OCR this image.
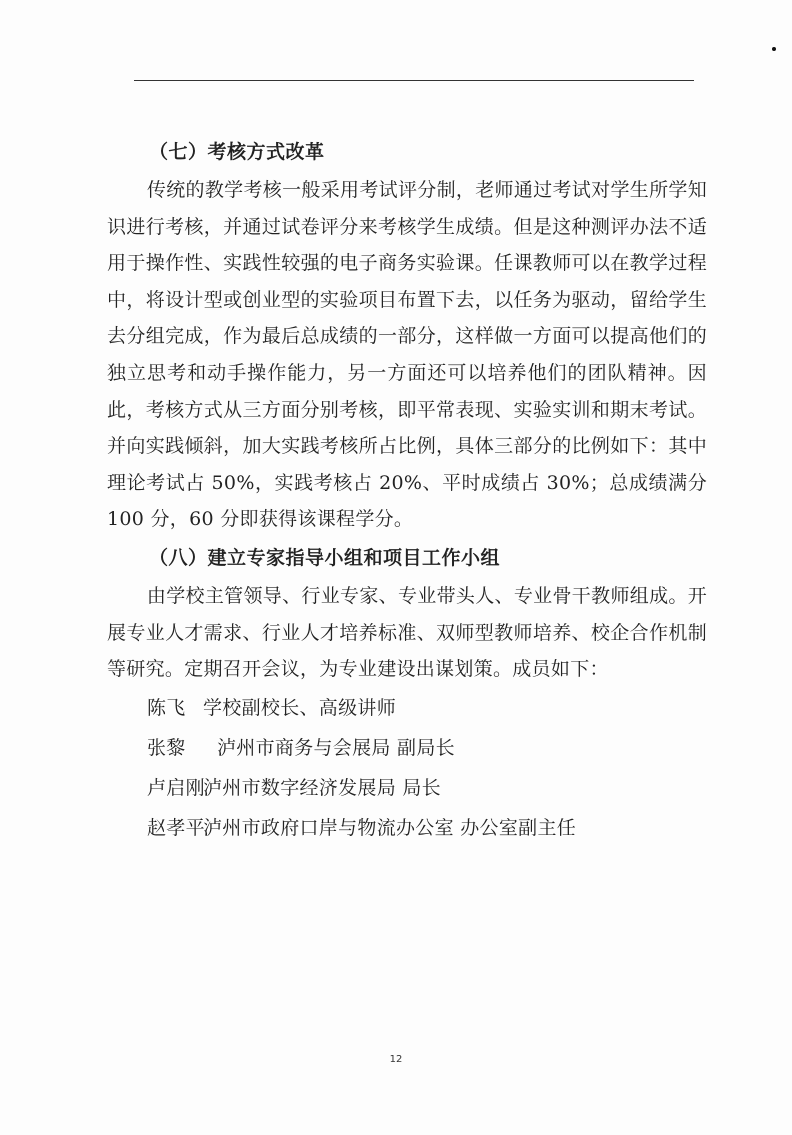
（七）考核方式改革

传统的教学考核一般采用考试评分制，老师通过考试对学生所学知识进行考核，并通过试卷评分来考核学生成绩。但是这种测评办法不适用于操作性、实践性较强的电子商务实验课。任课教师可以在教学过程中，将设计型或创业型的实验项目布置下去，以任务为驱动，留给学生去分组完成，作为最后总成绩的一部分，这样做一方面可以提高他们的独立思考和动手操作能力，另一方面还可以培养他们的团队精神。因此，考核方式从三方面分别考核，即平常表现、实验实训和期末考试。并向实践倾斜，加大实践考核所占比例，具体三部分的比例如下：其中理论考试占 50%，实践考核占 20%、平时成绩占 30%；总成绩满分 100 分，60 分即获得该课程学分。

（八）建立专家指导小组和项目工作小组

由学校主管领导、行业专家、专业带头人、专业骨干教师组成。开展专业人才需求、行业人才培养标准、双师型教师培养、校企合作机制等研究。定期召开会议，为专业建设出谋划策。成员如下：

陈飞 学校副校长、高级讲师
张黎 泸州市商务与会展局 副局长
卢启刚泸州市数字经济发展局 局长
赵孝平泸州市政府口岸与物流办公室 办公室副主任
12
